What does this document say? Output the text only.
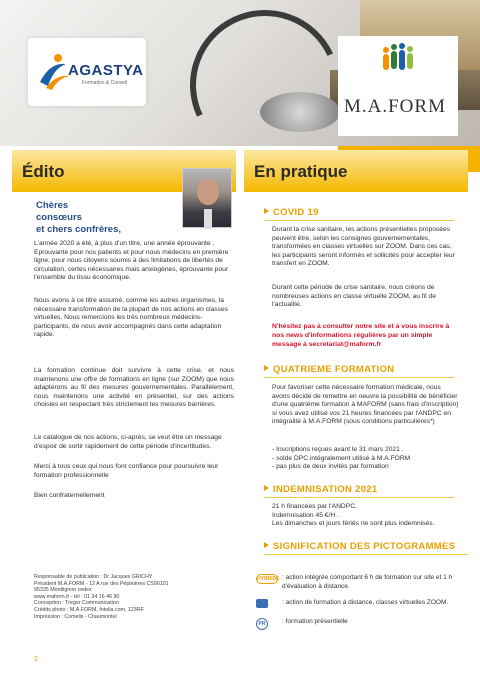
AGASTYA
Formation & Conseil
M.A.FORM
Édito	En pratique
Chères
consœurs
et chers confrères,

L'année 2020 a été, à plus d'un titre, une année éprouvante . Eprouvante pour nos patients et pour nous médecins en première ligne, pour nous citoyens soumis à des limitations de libertés de circulation, certes nécessaires mais anxiogènes, éprouvante pour l'ensemble du tissu économique.

Nous avons à ce titre assumé, comme les autres organismes, la nécessaire transformation de la plupart de nos actions en classes virtuelles. Nous remercions les très nombreux médecins-participants, de nous avoir accompagnés dans cette adaptation rapide.

La formation continue doit survivre à cette crise, et nous maintenons une offre de formations en ligne (sur ZOOM) que nous adapterons au fil des mesures gouvernementales. Parallèlement, nous maintenons une activité en présentiel, sur des actions choisies en respectant très strictement les mesures barrières.

Le catalogue de nos actions, ci-après, se veut être un message d'espoir de sortir rapidement de cette période d'incertitudes.

Merci à tous ceux qui nous font confiance pour poursuivre leur formation professionnelle

Bien confraternellement

Responsable de publication : Dr Jacques GRICHY
Président M.A.FORM - 12 A rue des Pépinières CS90101
95335 Montlignon cedex
www.maform.fr - tél : 01 34 16 46 90
Conception : Tregor Communication
Crédits photo : M.A.FORM, fotolia.com, 123RF
Impression : Comelis - Chaumontel
2
COVID 19

Durant la crise sanitaire, les actions présentielles proposées peuvent être, selon les consignes gouvernementales, transformées en classes virtuelles sur ZOOM. Dans ces cas, les participants seront informés et sollicités pour accepter leur transfert en ZOOM.

Durant cette période de crise sanitaire, nous créons de nombreuses actions en classe virtuelle ZOOM, au fil de l'actualité.

N'hésitez pas à consulter notre site et à vous inscrire à nos news d'informations régulières par un simple message à secretariat@maform.fr

QUATRIEME FORMATION

Pour favoriser cette nécessaire formation médicale, nous avons décidé de remettre en oeuvre la possibilité de bénéficier d'une quatrième formation à MAFORM (sans frais d'inscription) si vous avez utilisé vos 21 heures financées par l'ANDPC en intégralité à M.A.FORM (sous conditions particulières*)

- Inscriptions reçues avant le 31 mars 2021 .
- solde DPC intégralement utilisé à M.A.FORM
- pas plus de deux invités par formation
INDEMNISATION 2021
21 h financées par l'ANDPC.
Indemnisation 45 €/H .
Les dimanches et jours fériés ne sont plus indemnisés.
SIGNIFICATION DES PICTOGRAMMES
HYBRIDE : action intégrée comportant 6 h de formation sur site et 1 h d'évaluation à distance.
: action de formation à distance, classes virtuelles ZOOM.
PR	: formation présentielle
